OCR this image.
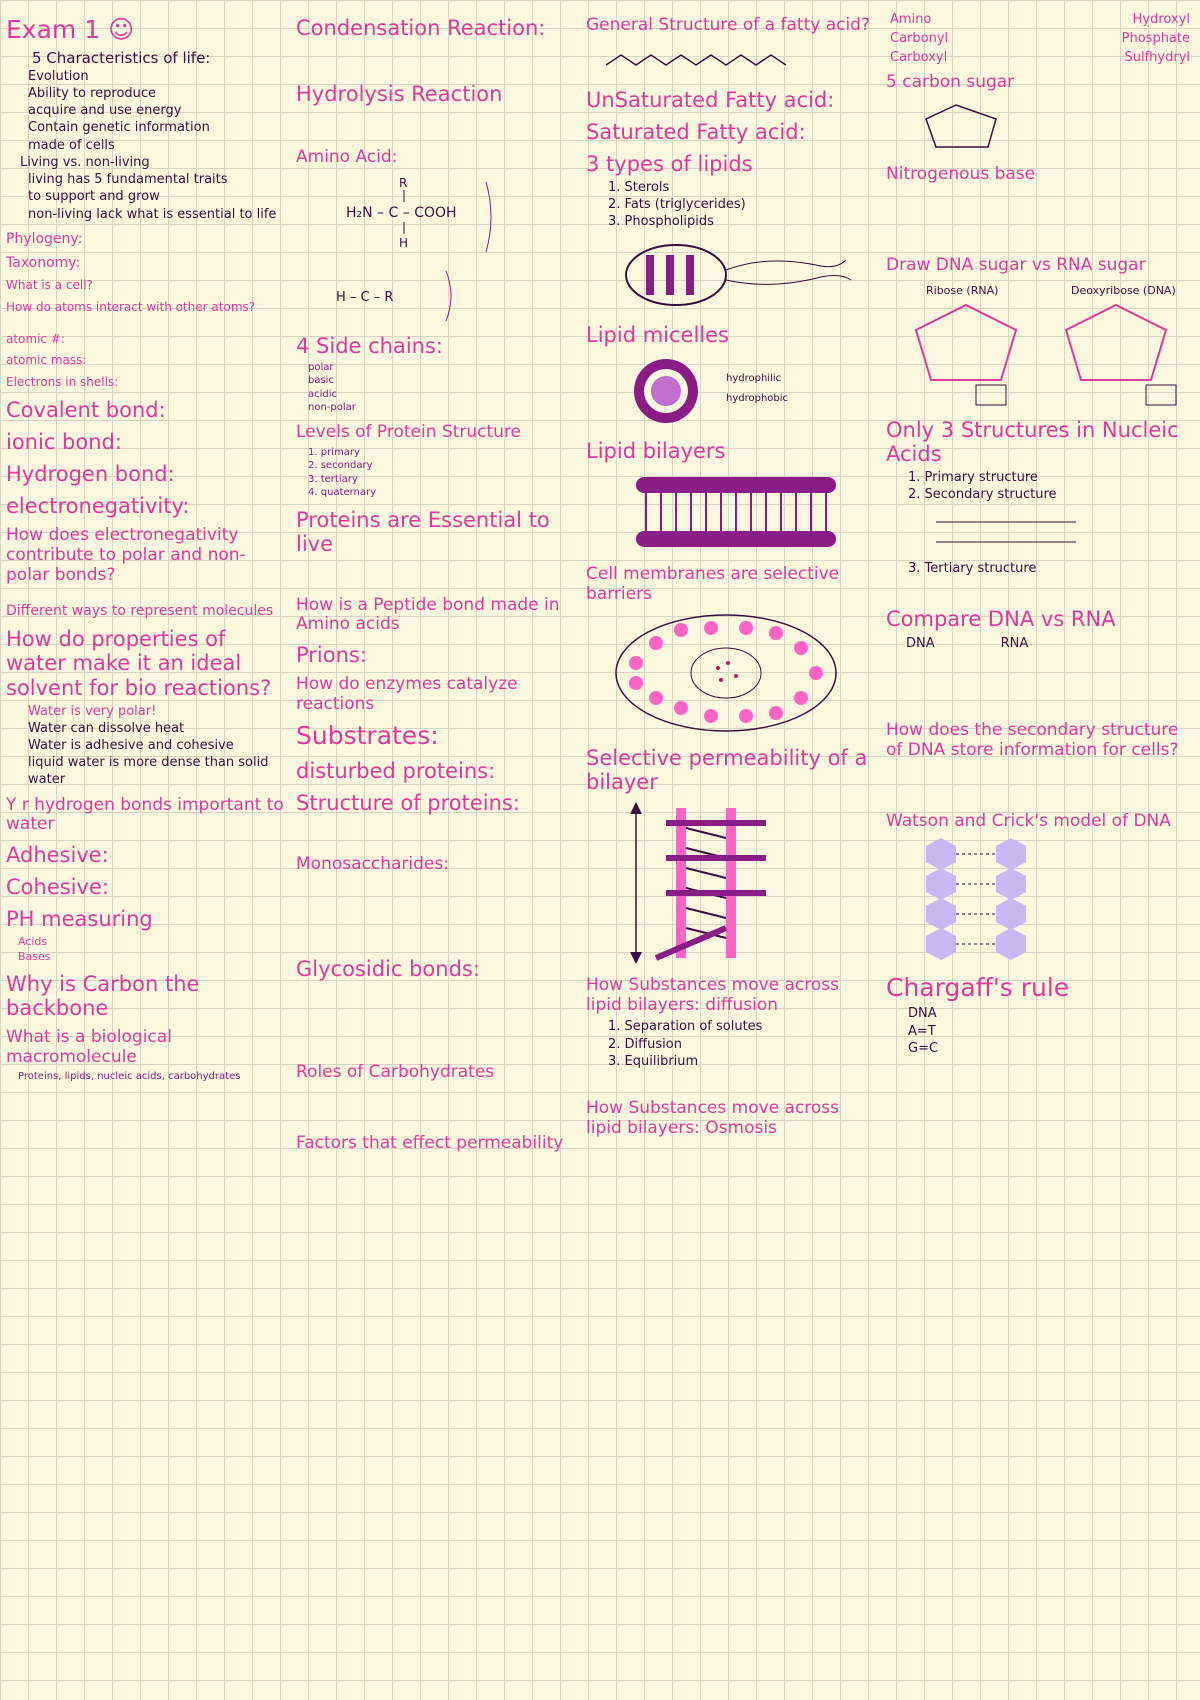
Exam 1 ☺
5 Characteristics of life:
Evolution
Ability to reproduce
acquire and use energy
Contain genetic information
made of cells
Living vs. non-living
living has 5 fundamental traits
to support and grow
non-living lack what is essential to life
Phylogeny:
Taxonomy:
What is a cell?
How do atoms interact with other atoms?
atomic #:
atomic mass:
Electrons in shells:
Covalent bond:
ionic bond:
Hydrogen bond:
electronegativity:
How does electronegativity contribute to polar and non-polar bonds?
Different ways to represent molecules
How do properties of water make it an ideal solvent for bio reactions?
Water is very polar!
Water can dissolve heat
Water is adhesive and cohesive
liquid water is more dense than solid water
Y r hydrogen bonds important to water
Adhesive:
Cohesive:
PH measuring
Acids
Bases
Why is Carbon the backbone
What is a biological macromolecule
Proteins, lipids, nucleic acids, carbohydrates
Condensation Reaction:
Hydrolysis Reaction
Amino Acid:
H₂N – C – COOH
R
H
H – C – R
4 Side chains:
polar
basic
acidic
non-polar
Levels of Protein Structure
1. primary
2. secondary
3. tertiary
4. quaternary
Proteins are Essential to live
How is a Peptide bond made in Amino acids
Prions:
How do enzymes catalyze reactions
Substrates:
disturbed proteins:
Structure of proteins:
Monosaccharides:
Glycosidic bonds:
Roles of Carbohydrates
Factors that effect permeability
General Structure of a fatty acid?
UnSaturated Fatty acid:
Saturated Fatty acid:
3 types of lipids
1. Sterols
2. Fats (triglycerides)
3. Phospholipids
Lipid micelles
hydrophilic
hydrophobic
Lipid bilayers
Cell membranes are selective barriers
Selective permeability of a bilayer
How Substances move across lipid bilayers: diffusion
1. Separation of solutes
2. Diffusion
3. Equilibrium
How Substances move across lipid bilayers: Osmosis
Amino	Hydroxyl
Carbonyl	Phosphate
Carboxyl	Sulfhydryl
5 carbon sugar
Nitrogenous base
Draw DNA sugar vs RNA sugar
Ribose (RNA)	Deoxyribose (DNA)
Only 3 Structures in Nucleic Acids
1. Primary structure
2. Secondary structure
3. Tertiary structure
Compare DNA vs RNA
DNA	RNA
How does the secondary structure of DNA store information for cells?
Watson and Crick's model of DNA
Chargaff's rule
DNA
A=T
G=C
